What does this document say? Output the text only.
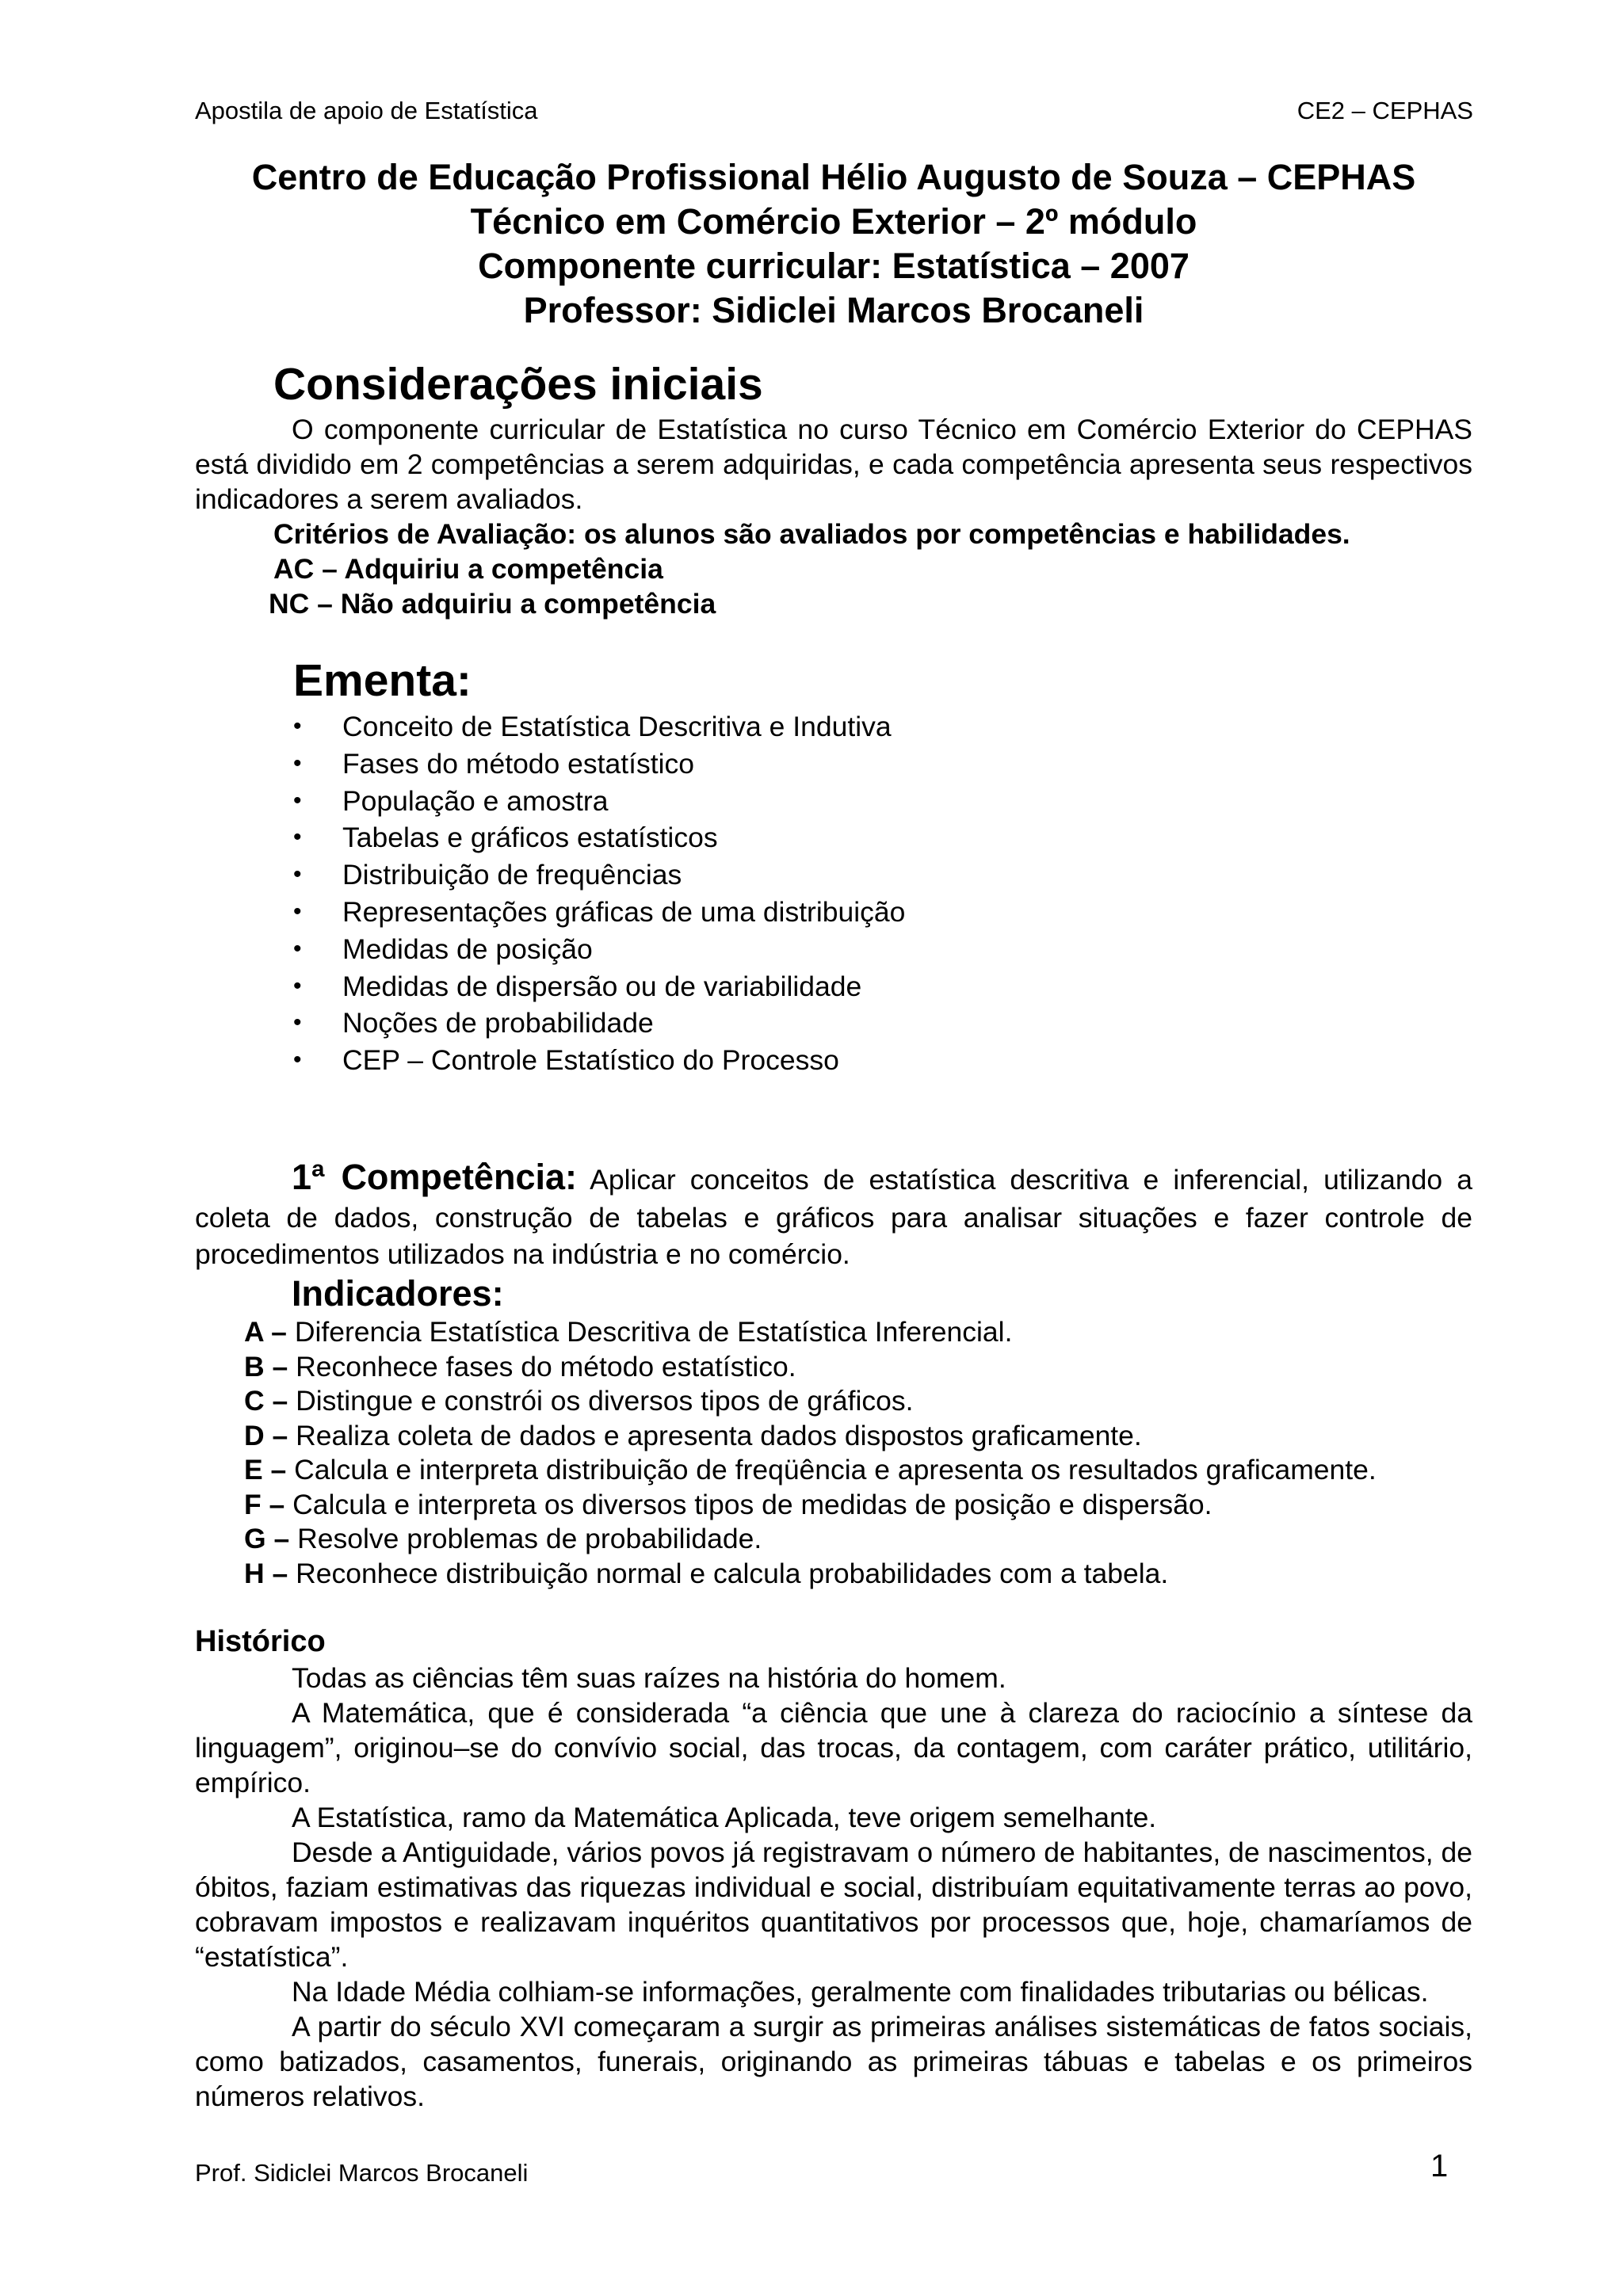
Apostila de apoio de Estatística	CE2 – CEPHAS
Centro de Educação Profissional Hélio Augusto de Souza – CEPHAS
Técnico em Comércio Exterior – 2º módulo
Componente curricular: Estatística – 2007
Professor: Sidiclei Marcos Brocaneli
Considerações iniciais

O componente curricular de Estatística no curso Técnico em Comércio Exterior do CEPHAS está dividido em 2 competências a serem adquiridas, e cada competência apresenta seus respectivos indicadores a serem avaliados.

Critérios de Avaliação: os alunos são avaliados por competências e habilidades.
AC – Adquiriu a competência
NC – Não adquiriu a competência
Ementa:
• Conceito de Estatística Descritiva e Indutiva
• Fases do método estatístico
• População e amostra
• Tabelas e gráficos estatísticos
• Distribuição de frequências
• Representações gráficas de uma distribuição
• Medidas de posição
• Medidas de dispersão ou de variabilidade
• Noções de probabilidade
• CEP – Controle Estatístico do Processo

1ª Competência: Aplicar conceitos de estatística descritiva e inferencial, utilizando a coleta de dados, construção de tabelas e gráficos para analisar situações e fazer controle de procedimentos utilizados na indústria e no comércio.

Indicadores:
A – Diferencia Estatística Descritiva de Estatística Inferencial.
B – Reconhece fases do método estatístico.
C – Distingue e constrói os diversos tipos de gráficos.
D – Realiza coleta de dados e apresenta dados dispostos graficamente.
E – Calcula e interpreta distribuição de freqüência e apresenta os resultados graficamente.
F – Calcula e interpreta os diversos tipos de medidas de posição e dispersão.
G – Resolve problemas de probabilidade.
H – Reconhece distribuição normal e calcula probabilidades com a tabela.
Histórico

Todas as ciências têm suas raízes na história do homem.

A Matemática, que é considerada “a ciência que une à clareza do raciocínio a síntese da linguagem”, originou–se do convívio social, das trocas, da contagem, com caráter prático, utilitário, empírico.

A Estatística, ramo da Matemática Aplicada, teve origem semelhante.

Desde a Antiguidade, vários povos já registravam o número de habitantes, de nascimentos, de óbitos, faziam estimativas das riquezas individual e social, distribuíam equitativamente terras ao povo, cobravam impostos e realizavam inquéritos quantitativos por processos que, hoje, chamaríamos de “estatística”.

Na Idade Média colhiam-se informações, geralmente com finalidades tributarias ou bélicas.

A partir do século XVI começaram a surgir as primeiras análises sistemáticas de fatos sociais, como batizados, casamentos, funerais, originando as primeiras tábuas e tabelas e os primeiros números relativos.

Prof. Sidiclei Marcos Brocaneli	1
